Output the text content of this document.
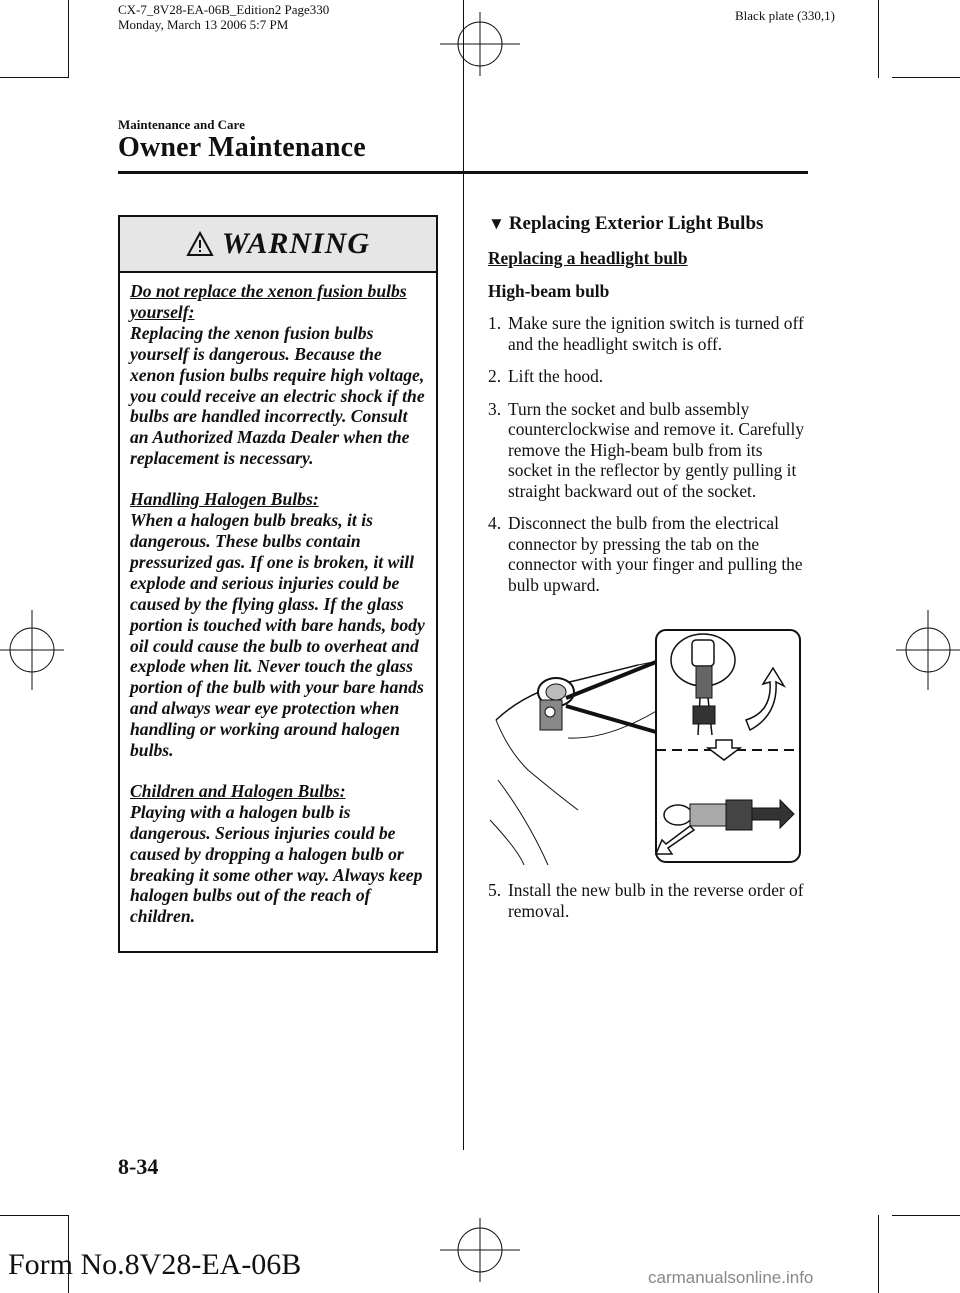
CX-7_8V28-EA-06B_Edition2 Page330
Monday, March 13 2006 5:7 PM
Black plate (330,1)
Maintenance and Care
Owner Maintenance
WARNING

Do not replace the xenon fusion bulbs yourself:
Replacing the xenon fusion bulbs yourself is dangerous. Because the xenon fusion bulbs require high voltage, you could receive an electric shock if the bulbs are handled incorrectly. Consult an Authorized Mazda Dealer when the replacement is necessary.

Handling Halogen Bulbs:
When a halogen bulb breaks, it is dangerous. These bulbs contain pressurized gas. If one is broken, it will explode and serious injuries could be caused by the flying glass. If the glass portion is touched with bare hands, body oil could cause the bulb to overheat and explode when lit. Never touch the glass portion of the bulb with your bare hands and always wear eye protection when handling or working around halogen bulbs.

Children and Halogen Bulbs:
Playing with a halogen bulb is dangerous. Serious injuries could be caused by dropping a halogen bulb or breaking it some other way. Always keep halogen bulbs out of the reach of children.

▼ Replacing Exterior Light Bulbs

Replacing a headlight bulb

High-beam bulb

1. Make sure the ignition switch is turned off and the headlight switch is off.
2. Lift the hood.
3. Turn the socket and bulb assembly counterclockwise and remove it. Carefully remove the High-beam bulb from its socket in the reflector by gently pulling it straight backward out of the socket.
4. Disconnect the bulb from the electrical connector by pressing the tab on the connector with your finger and pulling the bulb upward.
5. Install the new bulb in the reverse order of removal.
8-34
Form No.8V28-EA-06B	carmanualsonline.info
